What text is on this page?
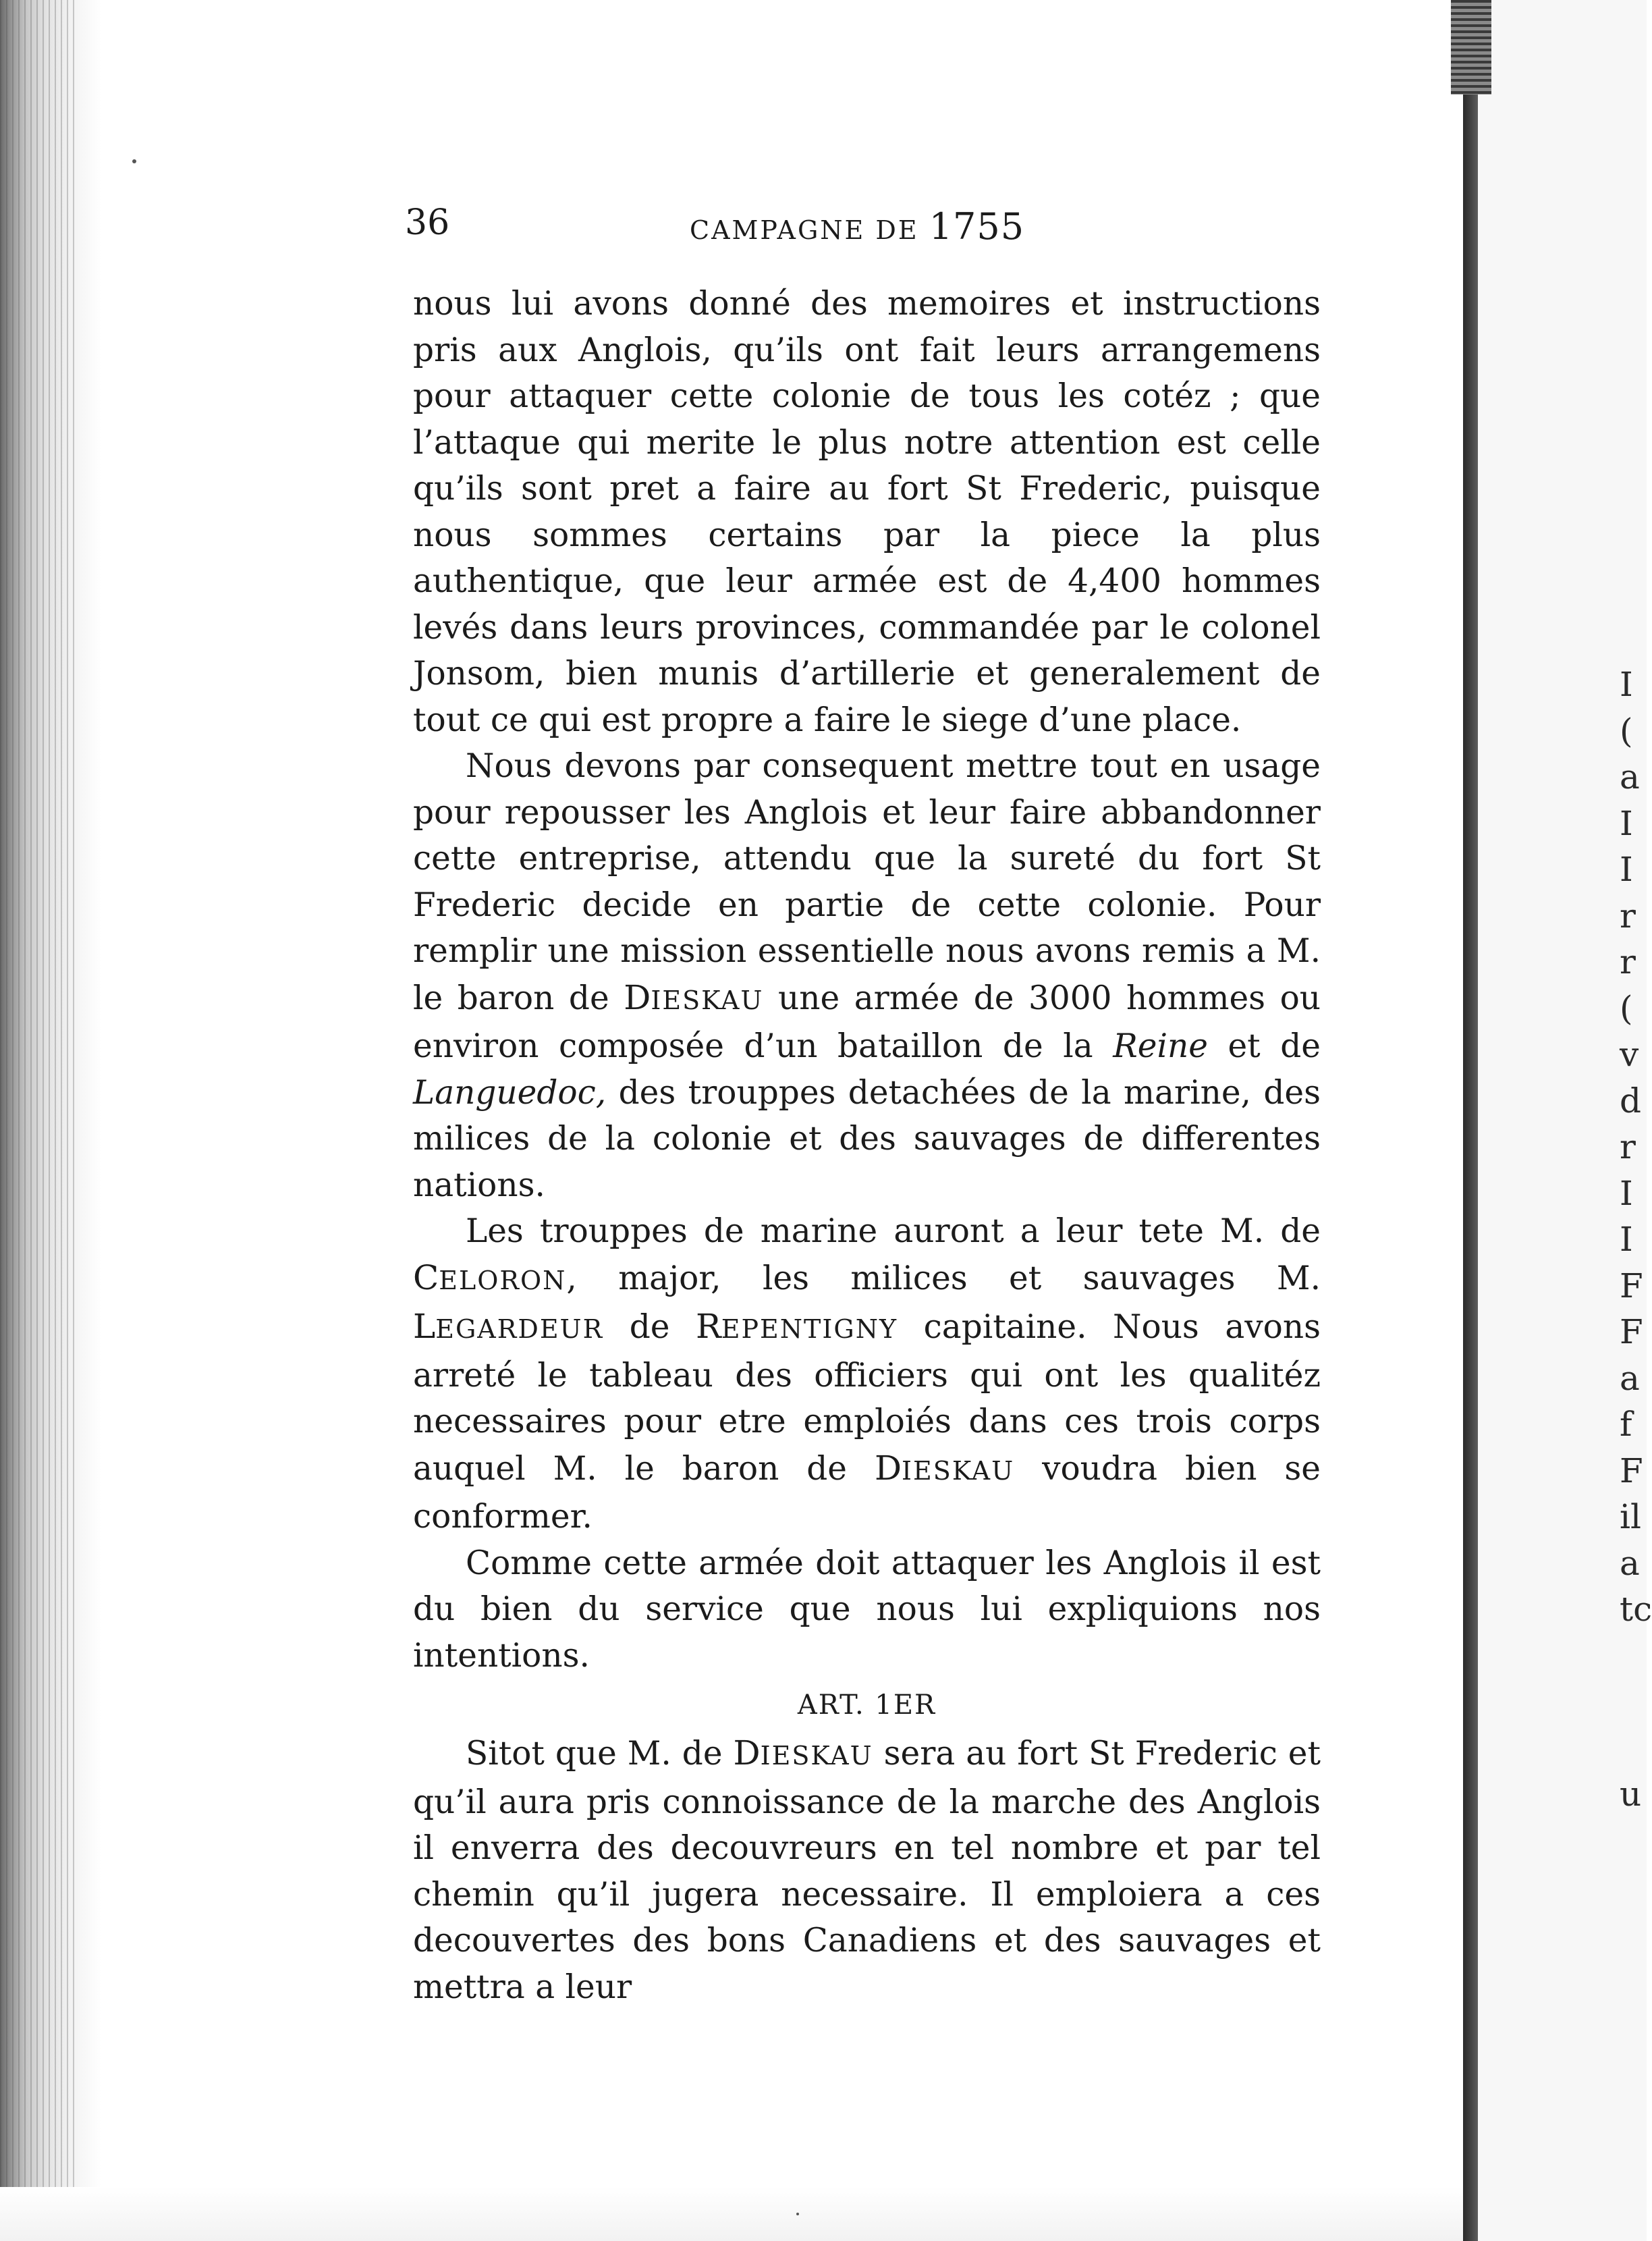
36	CAMPAGNE DE 1755

nous lui avons donné des memoires et instructions pris aux Anglois, qu’ils ont fait leurs arrangemens pour attaquer cette colonie de tous les cotéz ; que l’attaque qui merite le plus notre attention est celle qu’ils sont pret a faire au fort St Frederic, puisque nous sommes certains par la piece la plus authentique, que leur armée est de 4,400 hommes levés dans leurs provinces, commandée par le colonel Jonsom, bien munis d’artillerie et generalement de tout ce qui est propre a faire le siege d’une place.

Nous devons par consequent mettre tout en usage pour repousser les Anglois et leur faire abbandonner cette entreprise, attendu que la sureté du fort St Frederic decide en partie de cette colonie. Pour remplir une mission essentielle nous avons remis a M. le baron de DIESKAU une armée de 3000 hommes ou environ composée d’un bataillon de la Reine et de Languedoc, des trouppes detachées de la marine, des milices de la colonie et des sauvages de differentes nations.

Les trouppes de marine auront a leur tete M. de CELORON, major, les milices et sauvages M. LEGARDEUR de REPENTIGNY capitaine. Nous avons arreté le tableau des officiers qui ont les qualitéz necessaires pour etre emploiés dans ces trois corps auquel M. le baron de DIESKAU voudra bien se conformer.

Comme cette armée doit attaquer les Anglois il est du bien du service que nous lui expliquions nos intentions.

ART. 1ER

Sitot que M. de DIESKAU sera au fort St Frederic et qu’il aura pris connoissance de la marche des Anglois il enverra des decouvreurs en tel nombre et par tel chemin qu’il jugera necessaire. Il emploiera a ces decouvertes des bons Canadiens et des sauvages et mettra a leur

I
(
a
I
I
r
r
(
v
d
r
I
I
F
F
a
f
F
il
a
tc
u
